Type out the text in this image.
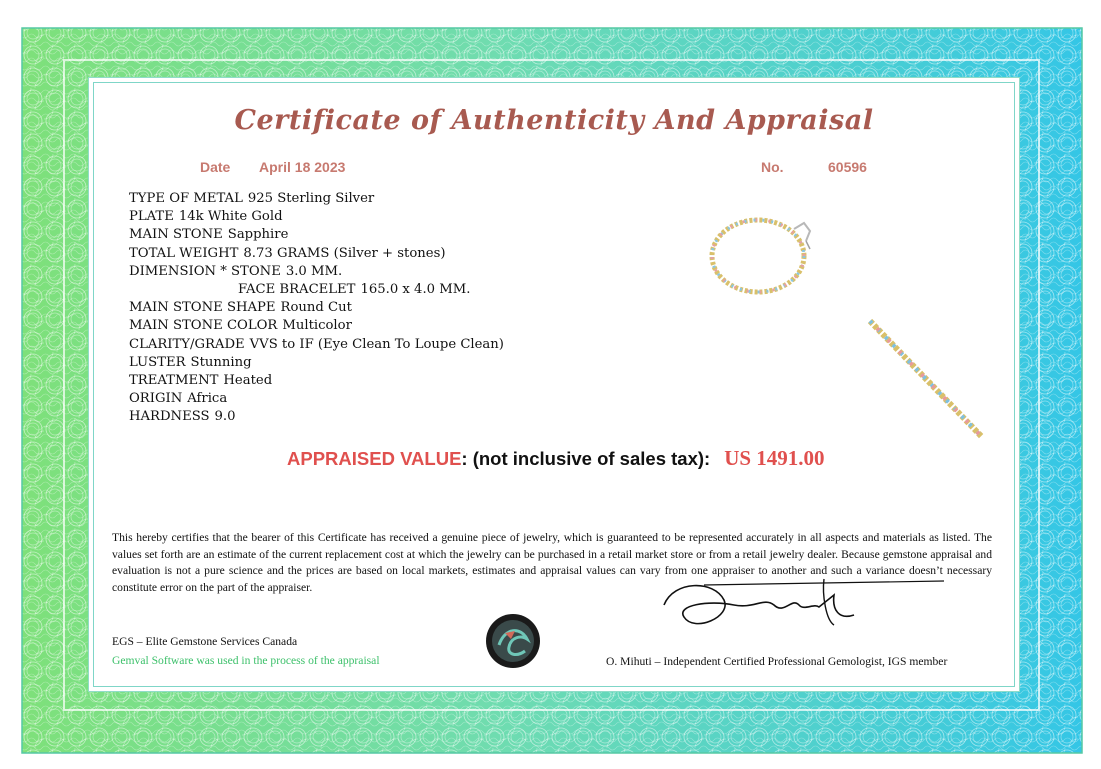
Certificate of Authenticity And Appraisal
Date April 18 2023	No.	60596
TYPE OF METAL 925 Sterling Silver
PLATE 14k White Gold
MAIN STONE Sapphire
TOTAL WEIGHT 8.73 GRAMS (Silver + stones)
DIMENSION * STONE 3.0 MM.
FACE BRACELET 165.0 x 4.0 MM.
MAIN STONE SHAPE Round Cut
MAIN STONE COLOR Multicolor
CLARITY/GRADE VVS to IF (Eye Clean To Loupe Clean)
LUSTER Stunning
TREATMENT Heated
ORIGIN Africa
HARDNESS 9.0
APPRAISED VALUE: (not inclusive of sales tax): US 1491.00
This hereby certifies that the bearer of this Certificate has received a genuine piece of jewelry, which is guaranteed to be represented accurately in all aspects and materials as listed. The values set forth are an estimate of the current replacement cost at which the jewelry can be purchased in a retail market store or from a retail jewelry dealer. Because gemstone appraisal and evaluation is not a pure science and the prices are based on local markets, estimates and appraisal values can vary from one appraiser to another and such a variance doesn’t necessary constitute error on the part of the appraiser.
EGS – Elite Gemstone Services Canada
Gemval Software was used in the process of the appraisal	O. Mihuti – Independent Certified Professional Gemologist, IGS member
